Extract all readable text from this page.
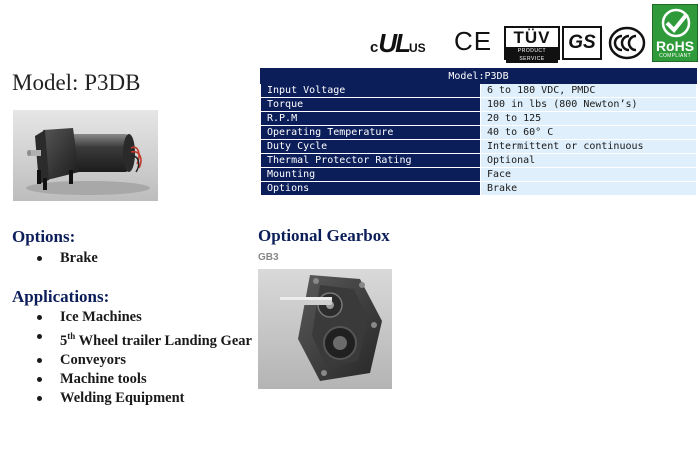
cULUS CE	TÜV
PRODUCT SERVICE
GS	RoHS
COMPLIANT
Model: P3DB	Model:P3DB	
Input Voltage	6 to 180 VDC, PMDC
Torque	100 in lbs (800 Newton’s)
R.P.M	20 to 125
Operating Temperature	40 to 60° C
Duty Cycle	Intermittent or continuous
Thermal Protector Rating	Optional
Mounting	Face
Options	Brake
Options:
Brake
Applications:
Ice Machines
5th Wheel trailer Landing Gear
Conveyors
Machine tools
Welding Equipment
Optional Gearbox
GB3
